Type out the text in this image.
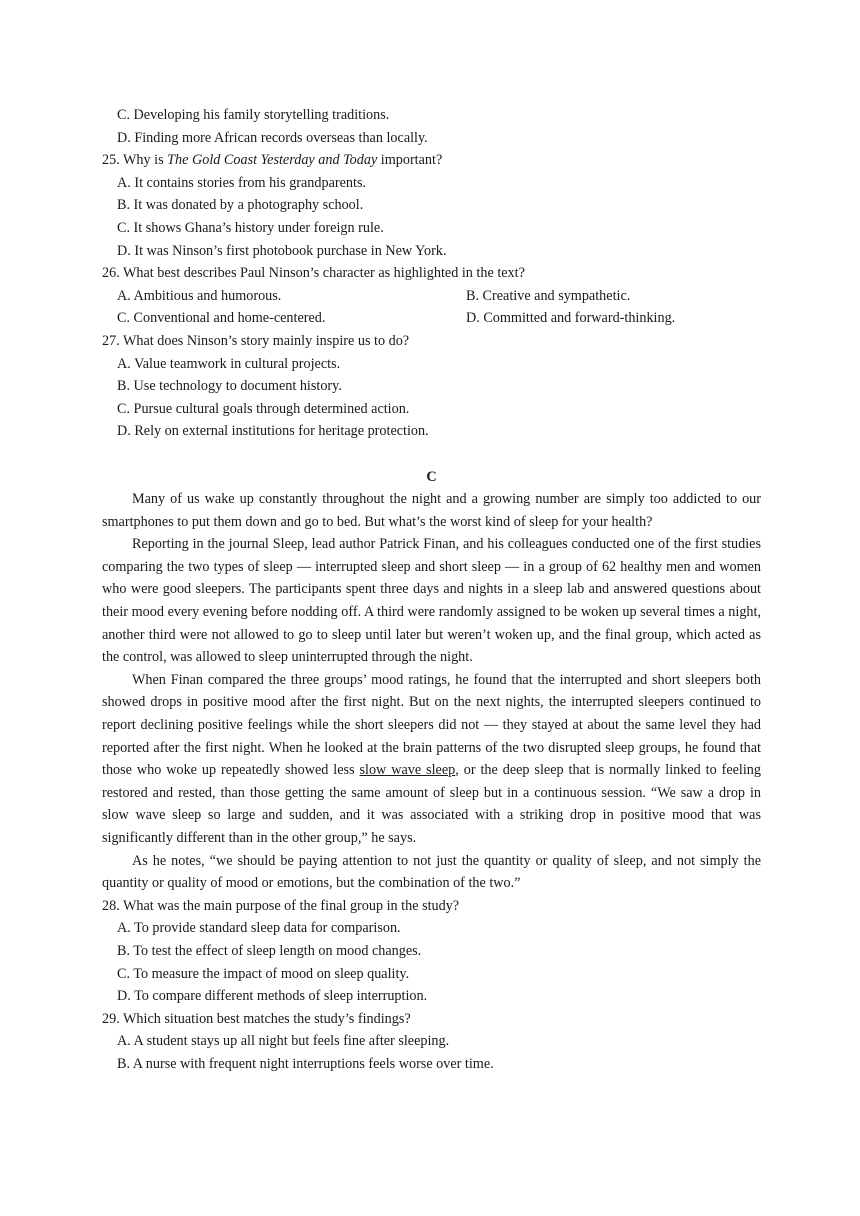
C. Developing his family storytelling traditions.
D. Finding more African records overseas than locally.
25. Why is The Gold Coast Yesterday and Today important?
A. It contains stories from his grandparents.
B. It was donated by a photography school.
C. It shows Ghana’s history under foreign rule.
D. It was Ninson’s first photobook purchase in New York.
26. What best describes Paul Ninson’s character as highlighted in the text?
A. Ambitious and humorous.	B. Creative and sympathetic.
C. Conventional and home-centered.	D. Committed and forward-thinking.
27. What does Ninson’s story mainly inspire us to do?
A. Value teamwork in cultural projects.
B. Use technology to document history.
C. Pursue cultural goals through determined action.
D. Rely on external institutions for heritage protection.
C

Many of us wake up constantly throughout the night and a growing number are simply too addicted to our smartphones to put them down and go to bed. But what’s the worst kind of sleep for your health?

Reporting in the journal Sleep, lead author Patrick Finan, and his colleagues conducted one of the first studies comparing the two types of sleep — interrupted sleep and short sleep — in a group of 62 healthy men and women who were good sleepers. The participants spent three days and nights in a sleep lab and answered questions about their mood every evening before nodding off. A third were randomly assigned to be woken up several times a night, another third were not allowed to go to sleep until later but weren’t woken up, and the final group, which acted as the control, was allowed to sleep uninterrupted through the night.

When Finan compared the three groups’ mood ratings, he found that the interrupted and short sleepers both showed drops in positive mood after the first night. But on the next nights, the interrupted sleepers continued to report declining positive feelings while the short sleepers did not — they stayed at about the same level they had reported after the first night. When he looked at the brain patterns of the two disrupted sleep groups, he found that those who woke up repeatedly showed less slow wave sleep, or the deep sleep that is normally linked to feeling restored and rested, than those getting the same amount of sleep but in a continuous session. “We saw a drop in slow wave sleep so large and sudden, and it was associated with a striking drop in positive mood that was significantly different than in the other group,” he says.

As he notes, “we should be paying attention to not just the quantity or quality of sleep, and not simply the quantity or quality of mood or emotions, but the combination of the two.”

28. What was the main purpose of the final group in the study?
A. To provide standard sleep data for comparison.
B. To test the effect of sleep length on mood changes.
C. To measure the impact of mood on sleep quality.
D. To compare different methods of sleep interruption.
29. Which situation best matches the study’s findings?
A. A student stays up all night but feels fine after sleeping.
B. A nurse with frequent night interruptions feels worse over time.
